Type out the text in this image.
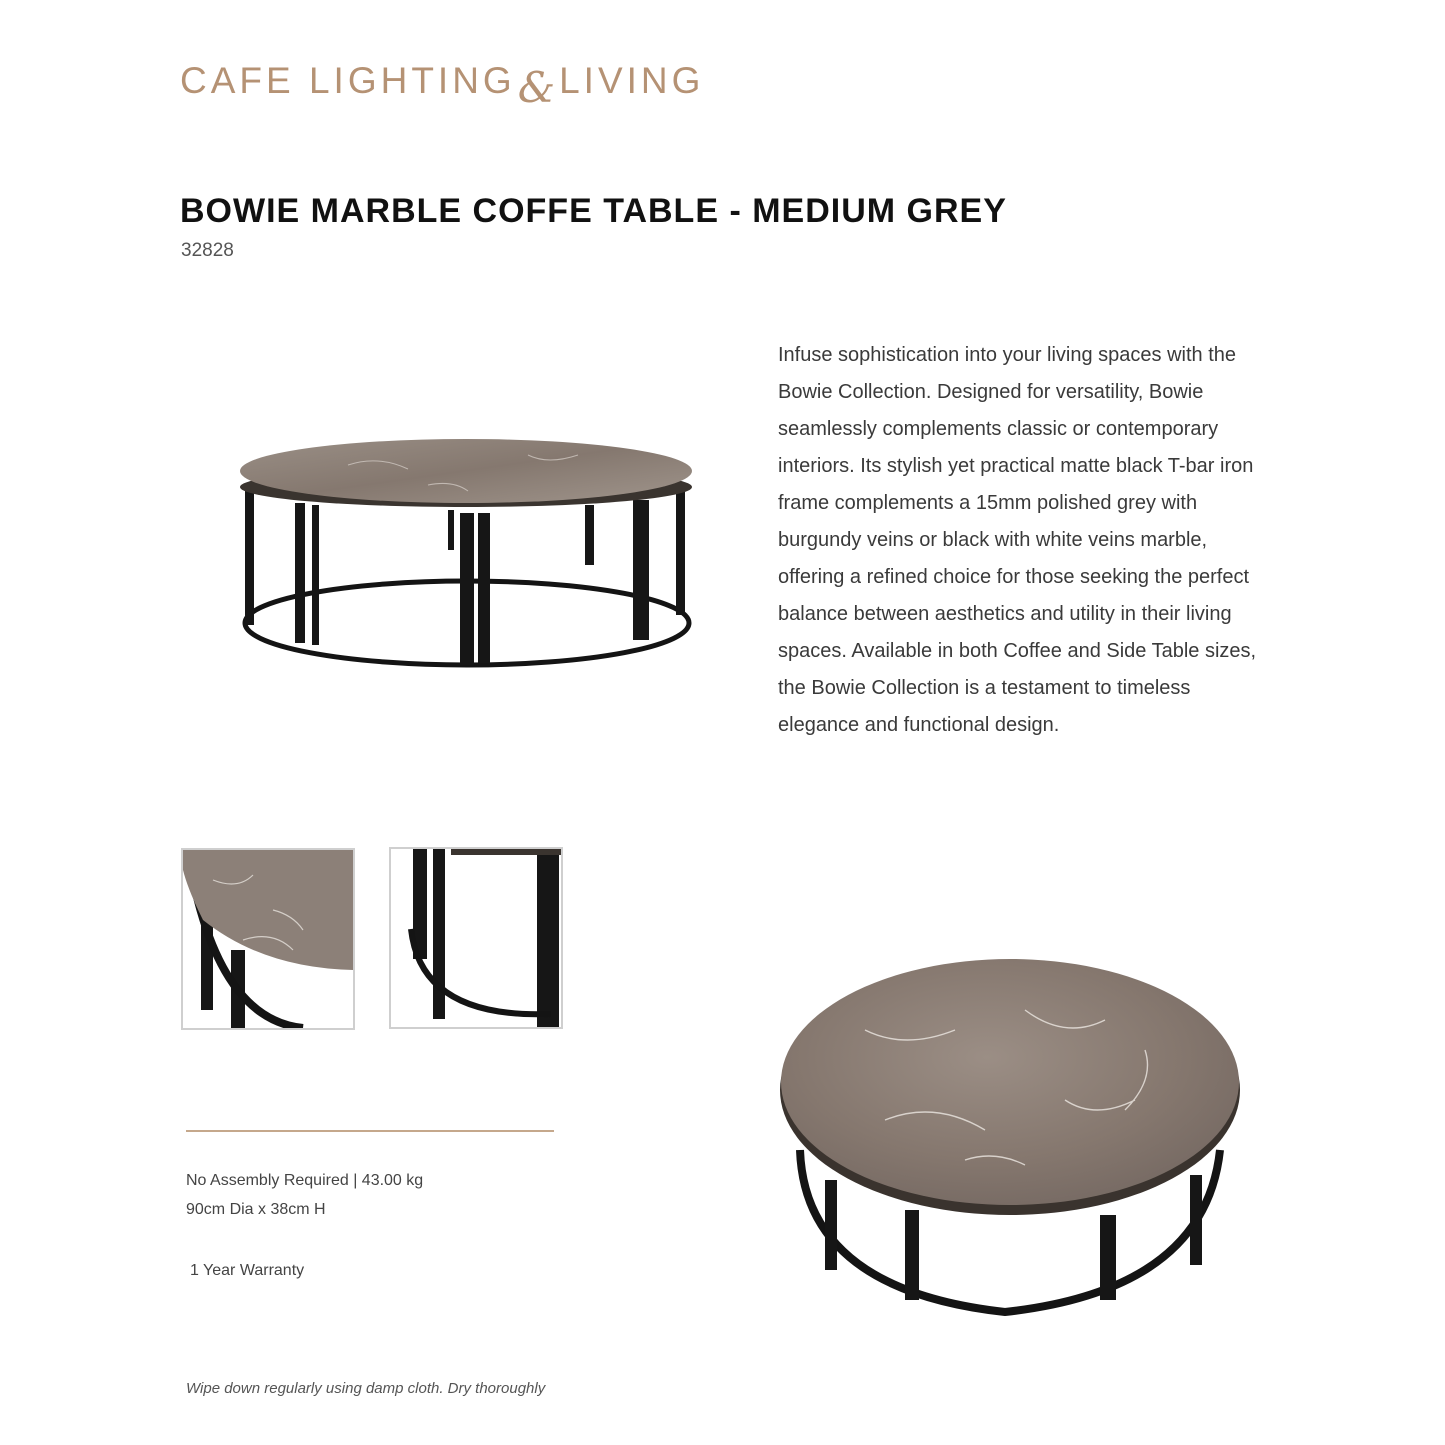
CAFE LIGHTING & LIVING
BOWIE MARBLE COFFE TABLE - MEDIUM GREY
32828
Infuse sophistication into your living spaces with the Bowie Collection. Designed for versatility, Bowie seamlessly complements classic or contemporary interiors. Its stylish yet practical matte black T-bar iron frame complements a 15mm polished grey with burgundy veins or black with white veins marble, offering a refined choice for those seeking the perfect balance between aesthetics and utility in their living spaces. Available in both Coffee and Side Table sizes, the Bowie Collection is a testament to timeless elegance and functional design.
No Assembly Required | 43.00 kg
90cm Dia x 38cm H
1 Year Warranty
Wipe down regularly using damp cloth. Dry thoroughly
